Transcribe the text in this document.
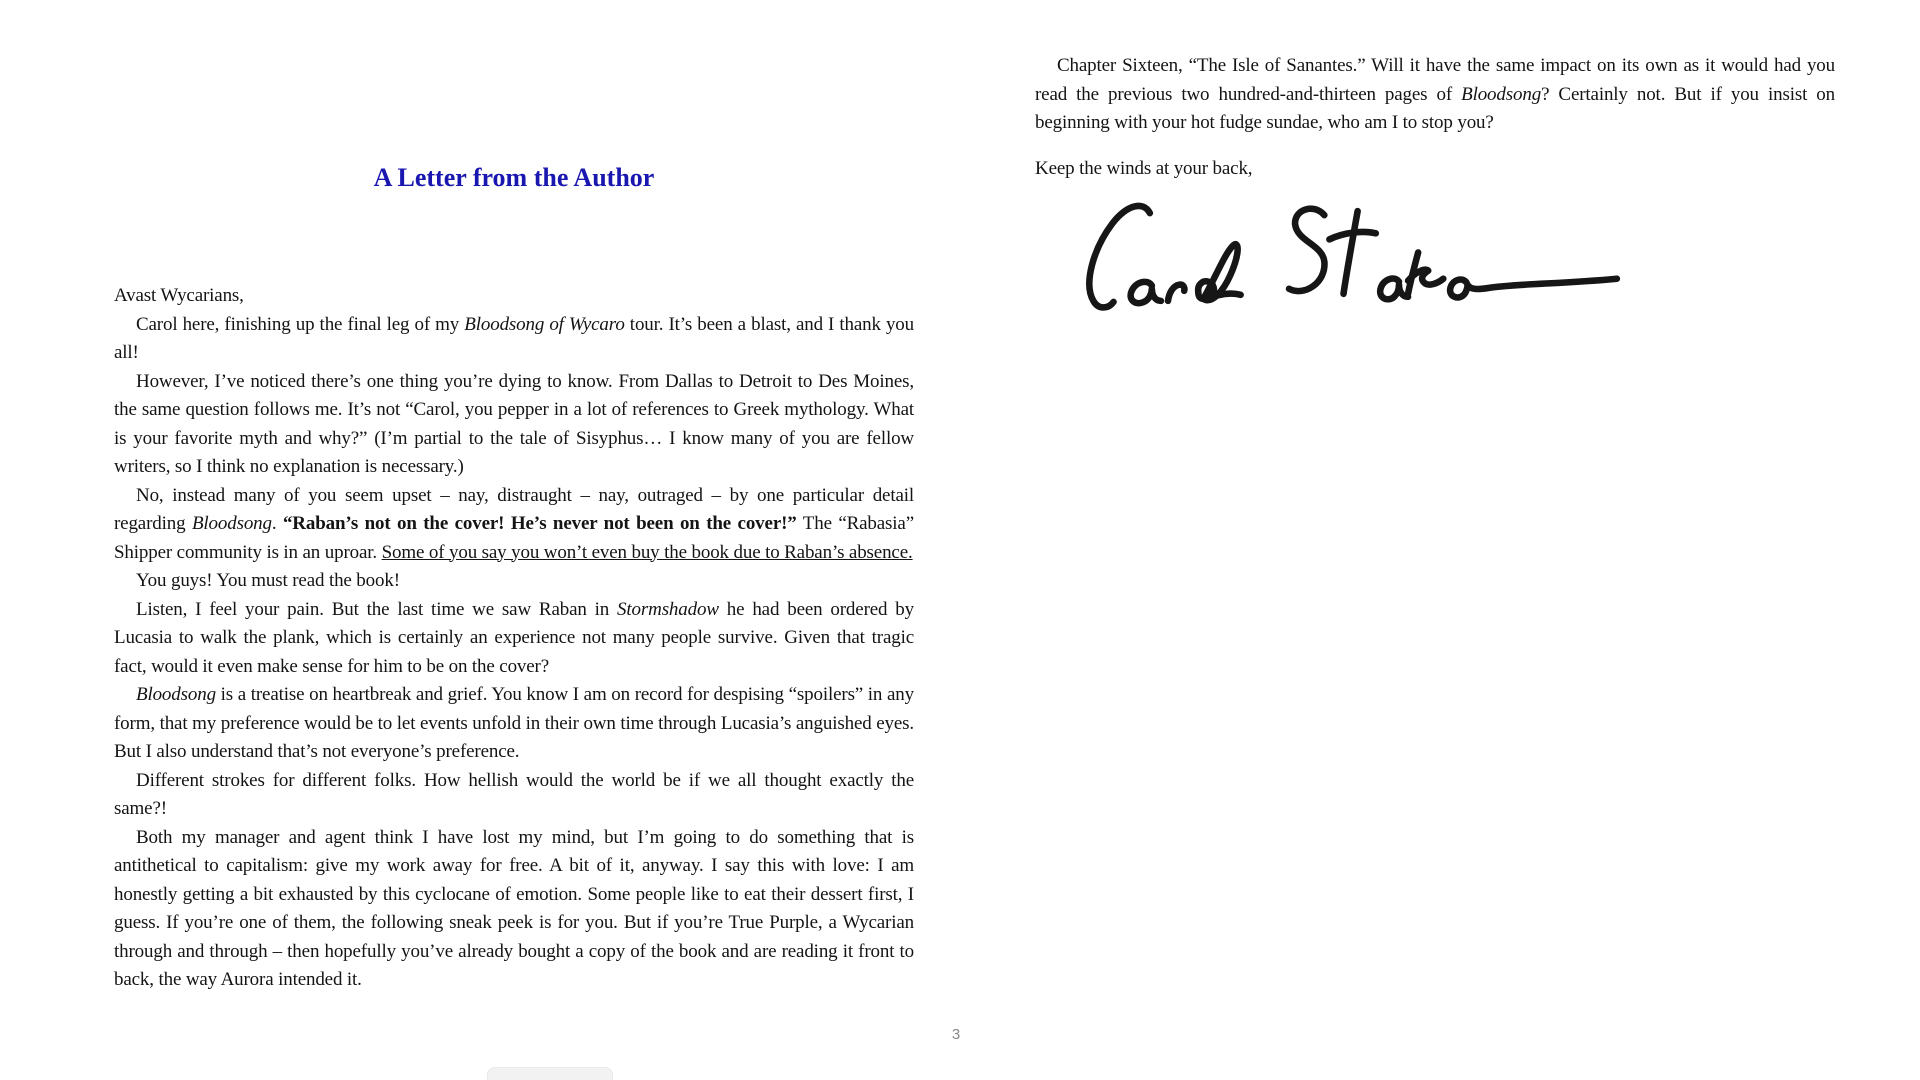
A Letter from the Author

Avast Wycarians,

Carol here, finishing up the final leg of my Bloodsong of Wycaro tour. It’s been a blast, and I thank you all!

However, I’ve noticed there’s one thing you’re dying to know. From Dallas to Detroit to Des Moines, the same question follows me. It’s not “Carol, you pepper in a lot of references to Greek mythology. What is your favorite myth and why?” (I’m partial to the tale of Sisyphus… I know many of you are fellow writers, so I think no explanation is necessary.)

No, instead many of you seem upset – nay, distraught – nay, outraged – by one particular detail regarding Bloodsong. “Raban’s not on the cover! He’s never not been on the cover!” The “Rabasia” Shipper community is in an uproar. Some of you say you won’t even buy the book due to Raban’s absence.

You guys! You must read the book!

Listen, I feel your pain. But the last time we saw Raban in Stormshadow he had been ordered by Lucasia to walk the plank, which is certainly an experience not many people survive. Given that tragic fact, would it even make sense for him to be on the cover?

Bloodsong is a treatise on heartbreak and grief. You know I am on record for despising “spoilers” in any form, that my preference would be to let events unfold in their own time through Lucasia’s anguished eyes. But I also understand that’s not everyone’s preference.

Different strokes for different folks. How hellish would the world be if we all thought exactly the same?!

Both my manager and agent think I have lost my mind, but I’m going to do something that is antithetical to capitalism: give my work away for free. A bit of it, anyway. I say this with love: I am honestly getting a bit exhausted by this cyclocane of emotion. Some people like to eat their dessert first, I guess. If you’re one of them, the following sneak peek is for you. But if you’re True Purple, a Wycarian through and through – then hopefully you’ve already bought a copy of the book and are reading it front to back, the way Aurora intended it.

Chapter Sixteen, “The Isle of Sanantes.” Will it have the same impact on its own as it would had you read the previous two hundred-and-thirteen pages of Bloodsong? Certainly not. But if you insist on beginning with your hot fudge sundae, who am I to stop you?

Keep the winds at your back,

3
